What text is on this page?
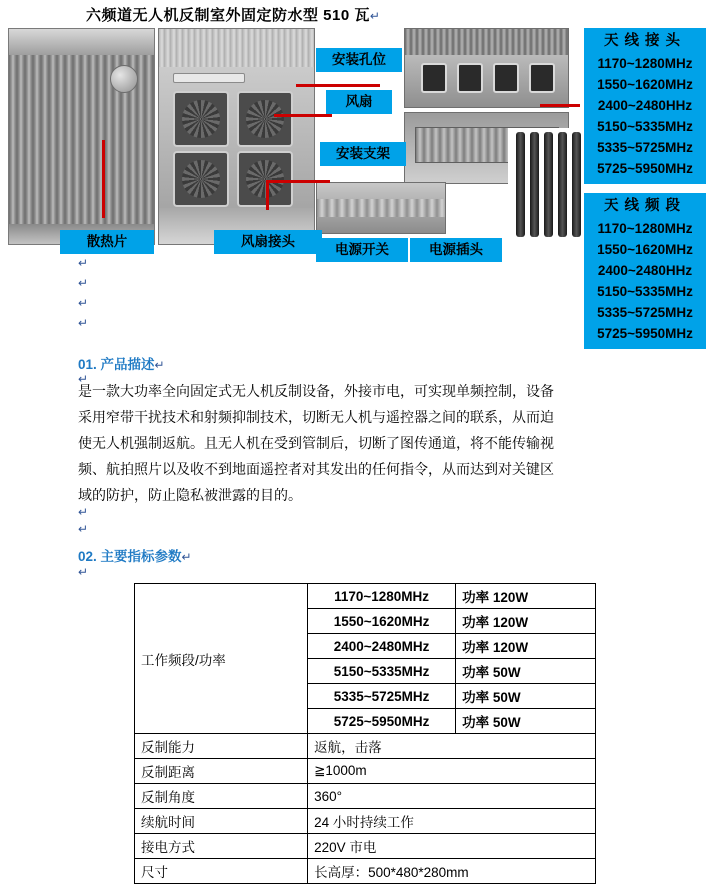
六频道无人机反制室外固定防水型 510 瓦↵
散热片	风扇接头
电源开关	电源插头
安装孔位
风扇
安装支架
天线接头
1170~1280MHz
1550~1620MHz
2400~2480HHz
5150~5335MHz
5335~5725MHz
5725~5950MHz
天线频段
1170~1280MHz
1550~1620MHz
2400~2480HHz
5150~5335MHz
5335~5725MHz
5725~5950MHz
↵
↵
↵
↵
01. 产品描述↵
↵
是一款大功率全向固定式无人机反制设备，外接市电，可实现单频控制，设备
采用窄带干扰技术和射频抑制技术，切断无人机与遥控器之间的联系，从而迫
使无人机强制返航。且无人机在受到管制后，切断了图传通道，将不能传输视
频、航拍照片以及收不到地面遥控者对其发出的任何指令，从而达到对关键区
域的防护，防止隐私被泄露的目的。
↵
↵
02. 主要指标参数↵
↵
工作频段/功率	1170~1280MHz	功率 120W
	1550~1620MHz	功率 120W
	2400~2480MHz	功率 120W
	5150~5335MHz	功率 50W
	5335~5725MHz	功率 50W
	5725~5950MHz	功率 50W
反制能力	返航，击落	
反制距离	≧1000m	
反制角度	360°	
续航时间	24 小时持续工作	
接电方式	220V 市电	
尺寸	长高厚：500*480*280mm	
